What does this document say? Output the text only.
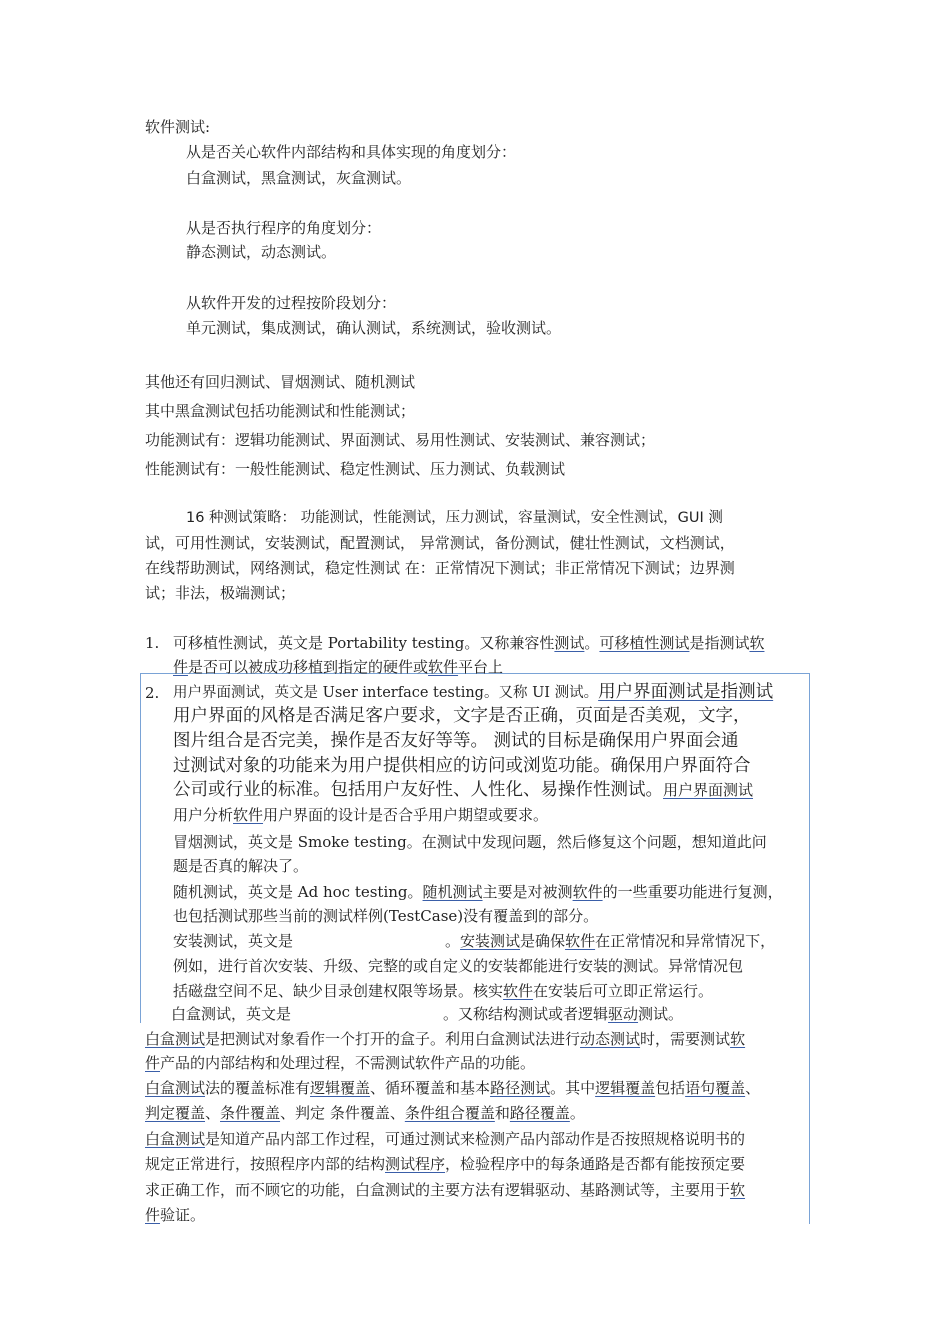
软件测试:
从是否关心软件内部结构和具体实现的角度划分：
白盒测试，黑盒测试，灰盒测试。
从是否执行程序的角度划分：
静态测试，动态测试。
从软件开发的过程按阶段划分：
单元测试，集成测试，确认测试，系统测试，验收测试。
其他还有回归测试、冒烟测试、随机测试
其中黑盒测试包括功能测试和性能测试；
功能测试有：逻辑功能测试、界面测试、易用性测试、安装测试、兼容测试；
性能测试有：一般性能测试、稳定性测试、压力测试、负载测试
16 种测试策略： 功能测试，性能测试，压力测试，容量测试，安全性测试，GUI 测
试，可用性测试，安装测试，配置测试， 异常测试，备份测试，健壮性测试，文档测试，
在线帮助测试，网络测试，稳定性测试 在：正常情况下测试；非正常情况下测试；边界测
试；非法，极端测试；
1. 可移植性测试，英文是 Portability testing。又称兼容性测试。可移植性测试是指测试软
件是否可以被成功移植到指定的硬件或软件平台上
2. 用户界面测试，英文是 User interface testing。又称 UI 测试。用户界面测试是指测试
用户界面的风格是否满足客户要求，文字是否正确，页面是否美观，文字，
图片组合是否完美，操作是否友好等等。 测试的目标是确保用户界面会通
过测试对象的功能来为用户提供相应的访问或浏览功能。确保用户界面符合
公司或行业的标准。包括用户友好性、人性化、易操作性测试。用户界面测试
用户分析软件用户界面的设计是否合乎用户期望或要求。
冒烟测试，英文是 Smoke testing。在测试中发现问题，然后修复这个问题，想知道此问
题是否真的解决了。
随机测试，英文是 Ad hoc testing。随机测试主要是对被测软件的一些重要功能进行复测，
也包括测试那些当前的测试样例(TestCase)没有覆盖到的部分。
安装测试，英文是	。安装测试是确保软件在正常情况和异常情况下，
例如，进行首次安装、升级、完整的或自定义的安装都能进行安装的测试。异常情况包
括磁盘空间不足、缺少目录创建权限等场景。核实软件在安装后可立即正常运行。
白盒测试，英文是	。又称结构测试或者逻辑驱动测试。
白盒测试是把测试对象看作一个打开的盒子。利用白盒测试法进行动态测试时，需要测试软
件产品的内部结构和处理过程，不需测试软件产品的功能。
白盒测试法的覆盖标准有逻辑覆盖、循环覆盖和基本路径测试。其中逻辑覆盖包括语句覆盖、
判定覆盖、条件覆盖、判定 条件覆盖、条件组合覆盖和路径覆盖。
白盒测试是知道产品内部工作过程，可通过测试来检测产品内部动作是否按照规格说明书的
规定正常进行，按照程序内部的结构测试程序，检验程序中的每条通路是否都有能按预定要
求正确工作，而不顾它的功能，白盒测试的主要方法有逻辑驱动、基路测试等，主要用于软
件验证。
